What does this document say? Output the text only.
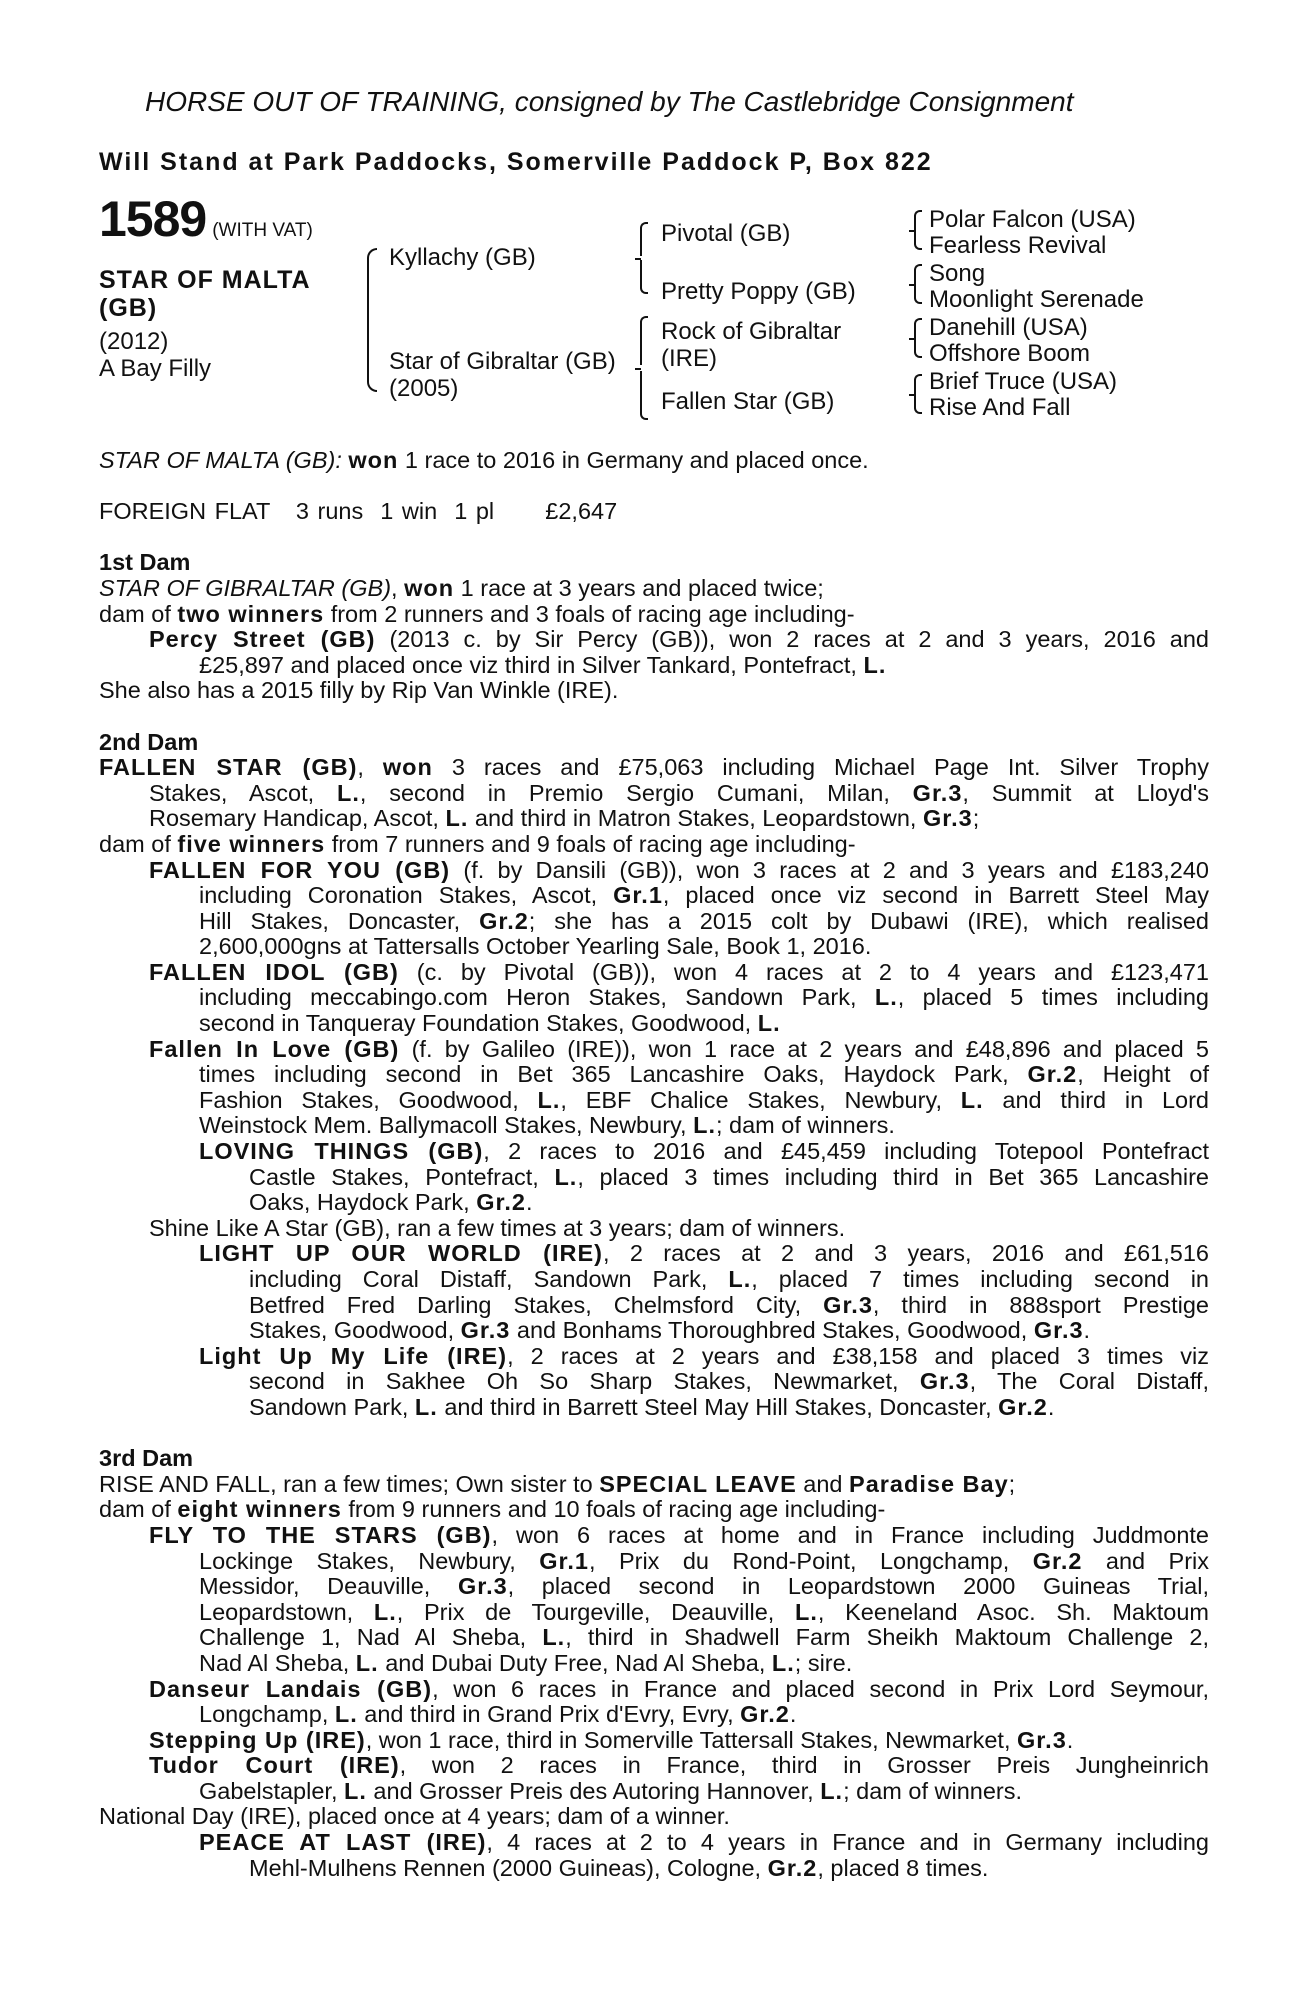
HORSE OUT OF TRAINING, consigned by The Castlebridge Consignment
Will Stand at Park Paddocks, Somerville Paddock P, Box 822
1589 (WITH VAT)
STAR OF MALTA
(GB)
(2012)
A Bay Filly
Kyllachy (GB)
Star of Gibraltar (GB)
(2005)
Pivotal (GB)
Pretty Poppy (GB)
Rock of Gibraltar
(IRE)
Fallen Star (GB)
Polar Falcon (USA)
Fearless Revival
Song
Moonlight Serenade
Danehill (USA)
Offshore Boom
Brief Truce (USA)
Rise And Fall
STAR OF MALTA (GB): won 1 race to 2016 in Germany and placed once.
FOREIGN FLAT 3 runs 1 win 1 pl £2,647
1st Dam
STAR OF GIBRALTAR (GB), won 1 race at 3 years and placed twice;
dam of two winners from 2 runners and 3 foals of racing age including-
Percy Street (GB) (2013 c. by Sir Percy (GB)), won 2 races at 2 and 3 years, 2016 and
£25,897 and placed once viz third in Silver Tankard, Pontefract, L.
She also has a 2015 filly by Rip Van Winkle (IRE).
2nd Dam
FALLEN STAR (GB), won 3 races and £75,063 including Michael Page Int. Silver Trophy
Stakes, Ascot, L., second in Premio Sergio Cumani, Milan, Gr.3, Summit at Lloyd's
Rosemary Handicap, Ascot, L. and third in Matron Stakes, Leopardstown, Gr.3;
dam of five winners from 7 runners and 9 foals of racing age including-
FALLEN FOR YOU (GB) (f. by Dansili (GB)), won 3 races at 2 and 3 years and £183,240
including Coronation Stakes, Ascot, Gr.1, placed once viz second in Barrett Steel May
Hill Stakes, Doncaster, Gr.2; she has a 2015 colt by Dubawi (IRE), which realised
2,600,000gns at Tattersalls October Yearling Sale, Book 1, 2016.
FALLEN IDOL (GB) (c. by Pivotal (GB)), won 4 races at 2 to 4 years and £123,471
including meccabingo.com Heron Stakes, Sandown Park, L., placed 5 times including
second in Tanqueray Foundation Stakes, Goodwood, L.
Fallen In Love (GB) (f. by Galileo (IRE)), won 1 race at 2 years and £48,896 and placed 5
times including second in Bet 365 Lancashire Oaks, Haydock Park, Gr.2, Height of
Fashion Stakes, Goodwood, L., EBF Chalice Stakes, Newbury, L. and third in Lord
Weinstock Mem. Ballymacoll Stakes, Newbury, L.; dam of winners.
LOVING THINGS (GB), 2 races to 2016 and £45,459 including Totepool Pontefract
Castle Stakes, Pontefract, L., placed 3 times including third in Bet 365 Lancashire
Oaks, Haydock Park, Gr.2.
Shine Like A Star (GB), ran a few times at 3 years; dam of winners.
LIGHT UP OUR WORLD (IRE), 2 races at 2 and 3 years, 2016 and £61,516
including Coral Distaff, Sandown Park, L., placed 7 times including second in
Betfred Fred Darling Stakes, Chelmsford City, Gr.3, third in 888sport Prestige
Stakes, Goodwood, Gr.3 and Bonhams Thoroughbred Stakes, Goodwood, Gr.3.
Light Up My Life (IRE), 2 races at 2 years and £38,158 and placed 3 times viz
second in Sakhee Oh So Sharp Stakes, Newmarket, Gr.3, The Coral Distaff,
Sandown Park, L. and third in Barrett Steel May Hill Stakes, Doncaster, Gr.2.
3rd Dam
RISE AND FALL, ran a few times; Own sister to SPECIAL LEAVE and Paradise Bay;
dam of eight winners from 9 runners and 10 foals of racing age including-
FLY TO THE STARS (GB), won 6 races at home and in France including Juddmonte
Lockinge Stakes, Newbury, Gr.1, Prix du Rond-Point, Longchamp, Gr.2 and Prix
Messidor, Deauville, Gr.3, placed second in Leopardstown 2000 Guineas Trial,
Leopardstown, L., Prix de Tourgeville, Deauville, L., Keeneland Asoc. Sh. Maktoum
Challenge 1, Nad Al Sheba, L., third in Shadwell Farm Sheikh Maktoum Challenge 2,
Nad Al Sheba, L. and Dubai Duty Free, Nad Al Sheba, L.; sire.
Danseur Landais (GB), won 6 races in France and placed second in Prix Lord Seymour,
Longchamp, L. and third in Grand Prix d'Evry, Evry, Gr.2.
Stepping Up (IRE), won 1 race, third in Somerville Tattersall Stakes, Newmarket, Gr.3.
Tudor Court (IRE), won 2 races in France, third in Grosser Preis Jungheinrich
Gabelstapler, L. and Grosser Preis des Autoring Hannover, L.; dam of winners.
National Day (IRE), placed once at 4 years; dam of a winner.
PEACE AT LAST (IRE), 4 races at 2 to 4 years in France and in Germany including
Mehl-Mulhens Rennen (2000 Guineas), Cologne, Gr.2, placed 8 times.
